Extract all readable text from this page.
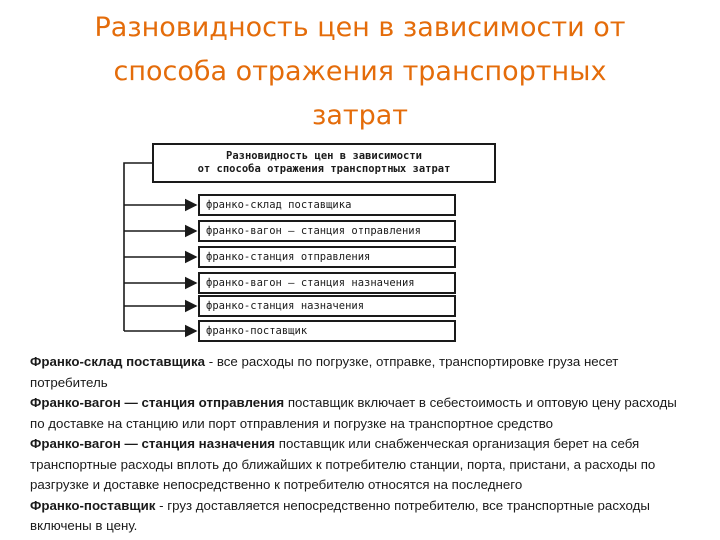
Разновидность цен в зависимости от
способа отражения транспортных
затрат
Разновидность цен в зависимости
от способа отражения транспортных затрат
франко-склад поставщика
франко-вагон — станция отправления
франко-станция отправления
франко-вагон — станция назначения
франко-станция назначения
франко-поставщик
Франко-склад поставщика - все расходы по погрузке, отправке, транспортировке груза несет потребитель
Франко-вагон — станция отправления поставщик включает в себестоимость и оптовую цену расходы по доставке на станцию или порт отправления и погрузке на транспортное средство
Франко-вагон — станция назначения поставщик или снабженческая организация берет на себя транспортные расходы вплоть до ближайших к потребителю станции, порта, пристани, а расходы по разгрузке и доставке непосредственно к потребителю относятся на последнего
Франко-поставщик - груз доставляется непосредственно потребителю, все транспортные расходы включены в цену.
